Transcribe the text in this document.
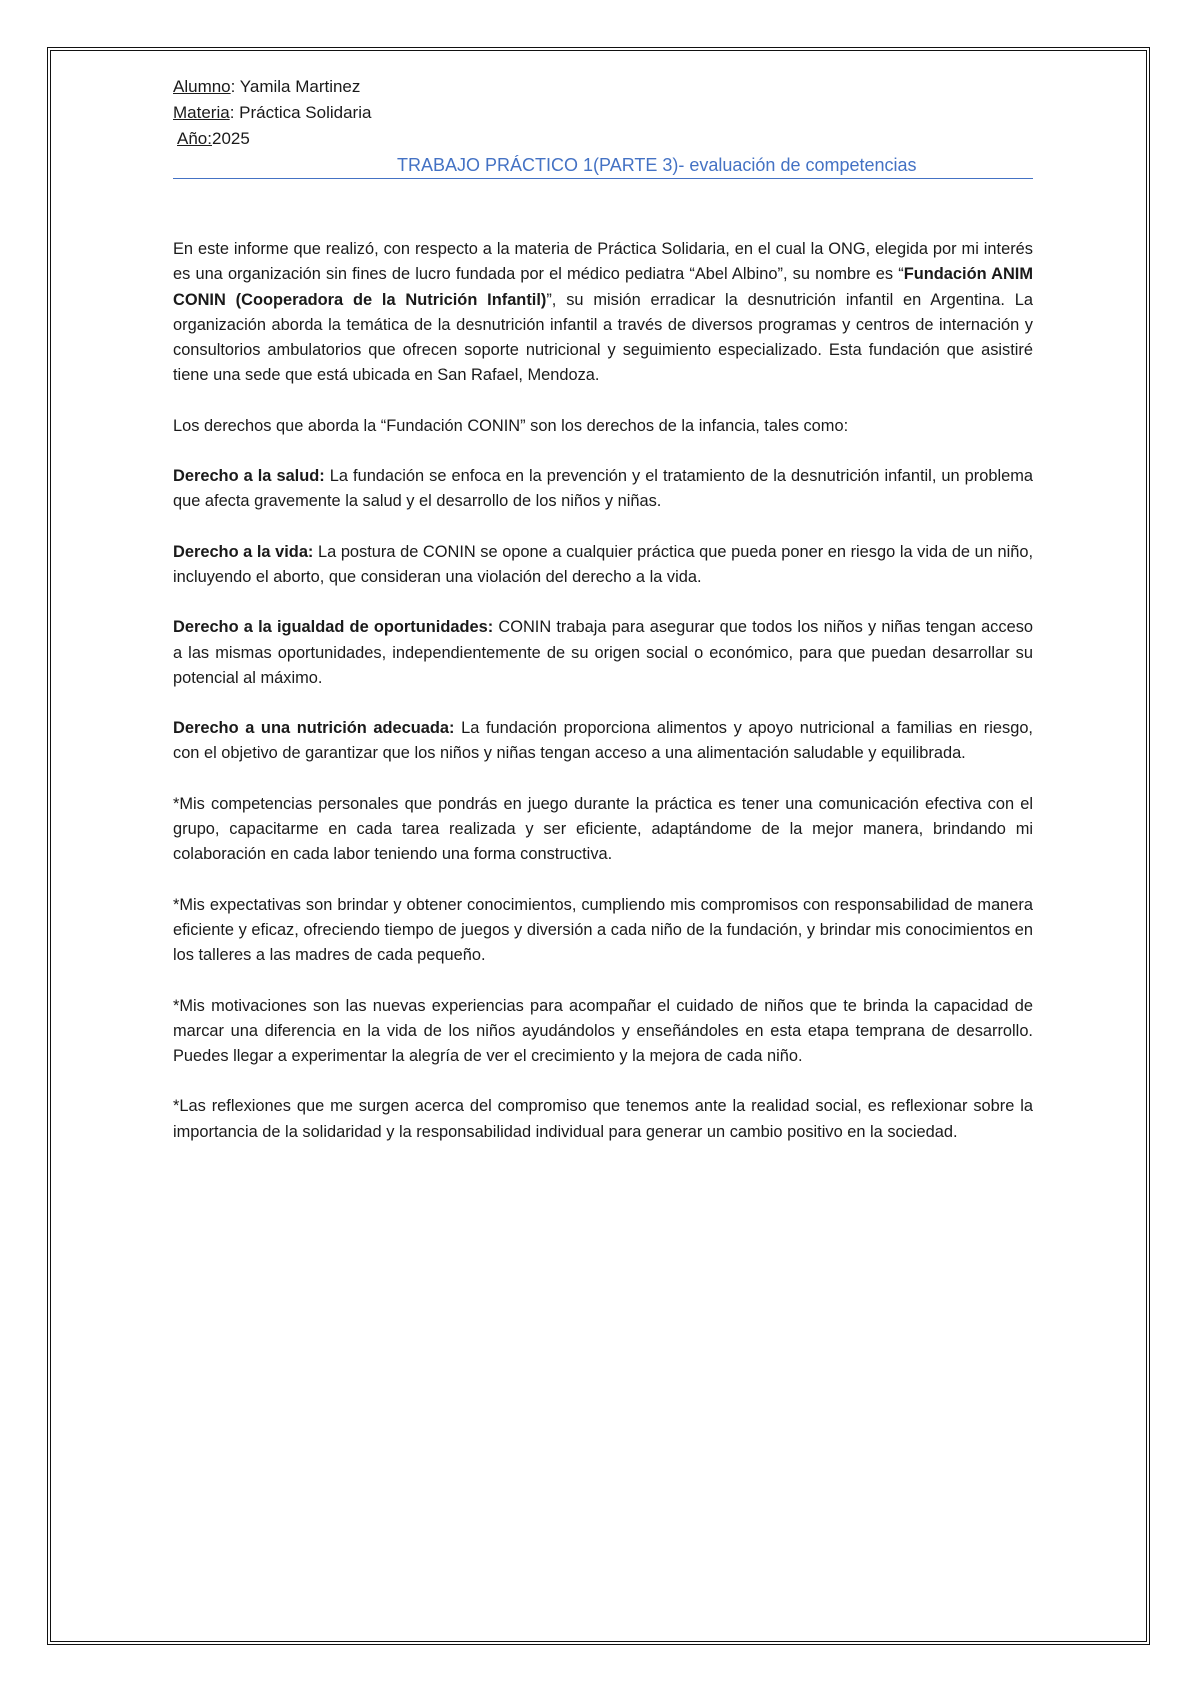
Alumno: Yamila Martinez

Materia: Práctica Solidaria

Año:2025

TRABAJO PRÁCTICO 1(PARTE 3)- evaluación de competencias

En este informe que realizó, con respecto a la materia de Práctica Solidaria, en el cual la ONG, elegida por mi interés es una organización sin fines de lucro fundada por el médico pediatra “Abel Albino”, su nombre es “Fundación ANIM CONIN (Cooperadora de la Nutrición Infantil)”, su misión erradicar la desnutrición infantil en Argentina. La organización aborda la temática de la desnutrición infantil a través de diversos programas y centros de internación y consultorios ambulatorios que ofrecen soporte nutricional y seguimiento especializado. Esta fundación que asistiré tiene una sede que está ubicada en San Rafael, Mendoza.

Los derechos que aborda la “Fundación CONIN” son los derechos de la infancia, tales como:

Derecho a la salud: La fundación se enfoca en la prevención y el tratamiento de la desnutrición infantil, un problema que afecta gravemente la salud y el desarrollo de los niños y niñas.

Derecho a la vida: La postura de CONIN se opone a cualquier práctica que pueda poner en riesgo la vida de un niño, incluyendo el aborto, que consideran una violación del derecho a la vida.

Derecho a la igualdad de oportunidades: CONIN trabaja para asegurar que todos los niños y niñas tengan acceso a las mismas oportunidades, independientemente de su origen social o económico, para que puedan desarrollar su potencial al máximo.

Derecho a una nutrición adecuada: La fundación proporciona alimentos y apoyo nutricional a familias en riesgo, con el objetivo de garantizar que los niños y niñas tengan acceso a una alimentación saludable y equilibrada.

*Mis competencias personales que pondrás en juego durante la práctica es tener una comunicación efectiva con el grupo, capacitarme en cada tarea realizada y ser eficiente, adaptándome de la mejor manera, brindando mi colaboración en cada labor teniendo una forma constructiva.

*Mis expectativas son brindar y obtener conocimientos, cumpliendo mis compromisos con responsabilidad de manera eficiente y eficaz, ofreciendo tiempo de juegos y diversión a cada niño de la fundación, y brindar mis conocimientos en los talleres a las madres de cada pequeño.

*Mis motivaciones son las nuevas experiencias para acompañar el cuidado de niños que te brinda la capacidad de marcar una diferencia en la vida de los niños ayudándolos y enseñándoles en esta etapa temprana de desarrollo. Puedes llegar a experimentar la alegría de ver el crecimiento y la mejora de cada niño.

*Las reflexiones que me surgen acerca del compromiso que tenemos ante la realidad social, es reflexionar sobre la importancia de la solidaridad y la responsabilidad individual para generar un cambio positivo en la sociedad.
